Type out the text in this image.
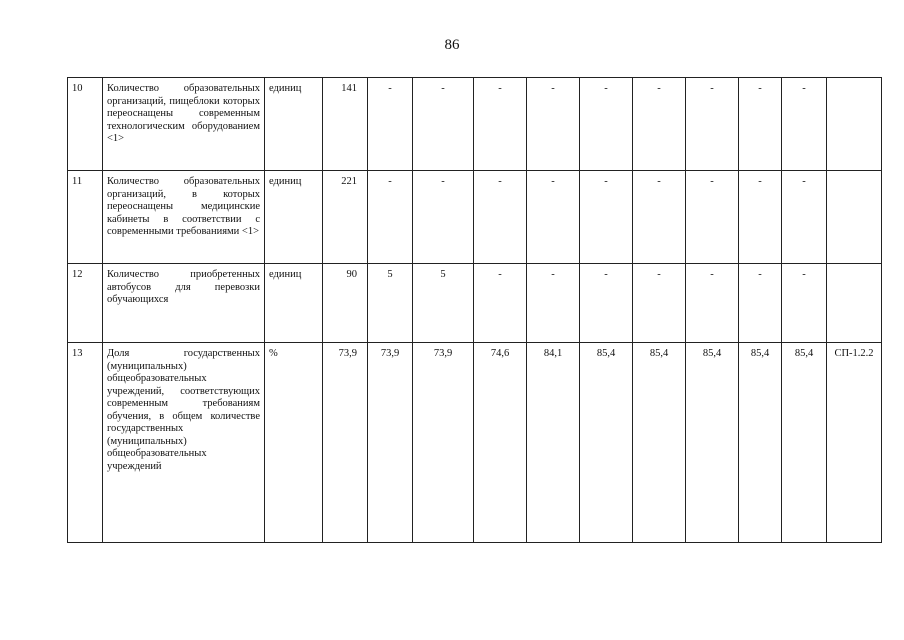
86
10	Количество образовательных организаций, пищеблоки которых переоснащены современным технологическим оборудованием <1>	единиц	141	-	-	-	-	-	-	-	-	-	
11	Количество образовательных организаций, в которых переоснащены медицинские кабинеты в соответствии с современными требованиями <1>	единиц	221	-	-	-	-	-	-	-	-	-	
12	Количество приобретенных автобусов для перевозки обучающихся	единиц	90	5	5	-	-	-	-	-	-	-	
13	Доля государственных (муниципальных) общеобразовательных учреждений, соответствующих современным требованиям обучения, в общем количестве государственных (муниципальных) общеобразовательных учреждений	%	73,9	73,9	73,9	74,6	84,1	85,4	85,4	85,4	85,4	85,4	СП-1.2.2
